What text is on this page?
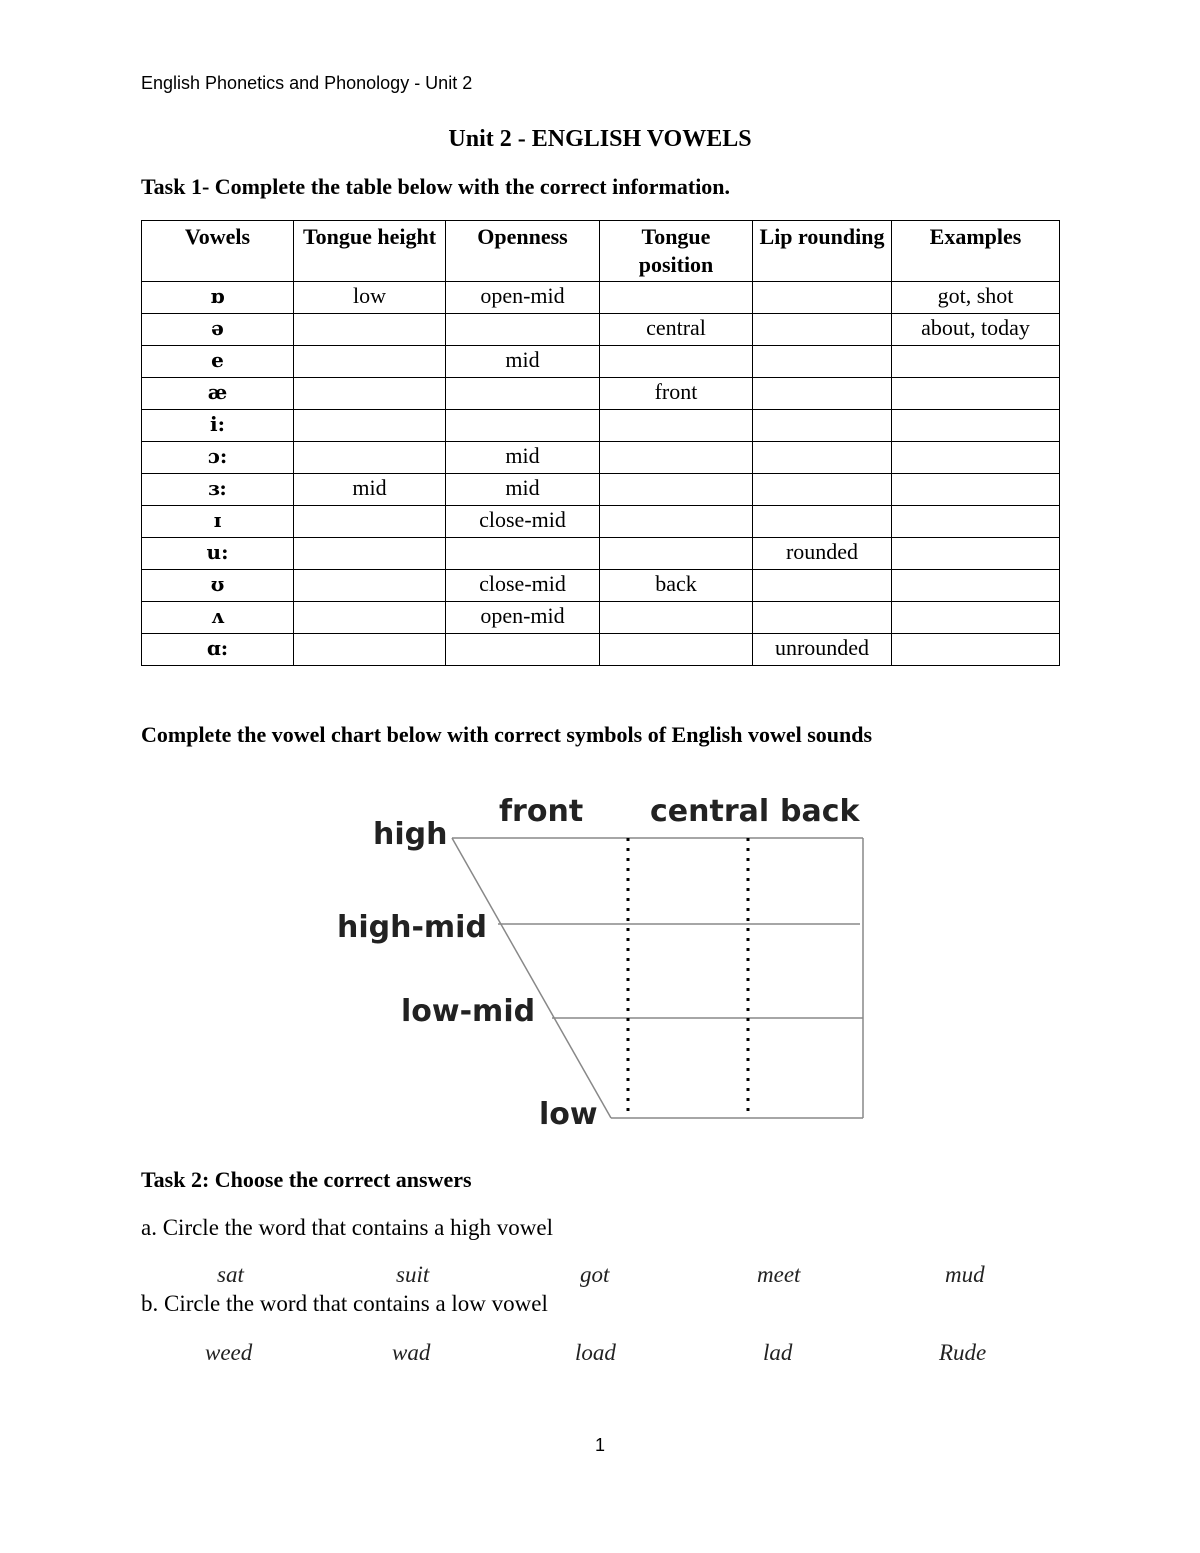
English Phonetics and Phonology - Unit 2
Unit 2 - ENGLISH VOWELS
Task 1- Complete the table below with the correct information.
Vowels	Tongue height	Openness	Tongue position	Lip rounding	Examples
ɒ	low	open-mid			got, shot
ə			central		about, today
e		mid			
æ			front		
i:					
ɔ:		mid			
ɜ:	mid	mid			
ɪ		close-mid			
u:				rounded	
ʊ		close-mid	back		
ʌ		open-mid			
ɑ:				unrounded	
Complete the vowel chart below with correct symbols of English vowel sounds
front central back
high
high-mid
low-mid
low
Task 2: Choose the correct answers
a. Circle the word that contains a high vowel
sat	suit	got	meet	mud
b. Circle the word that contains a low vowel
weed	wad	load	lad	Rude
1
